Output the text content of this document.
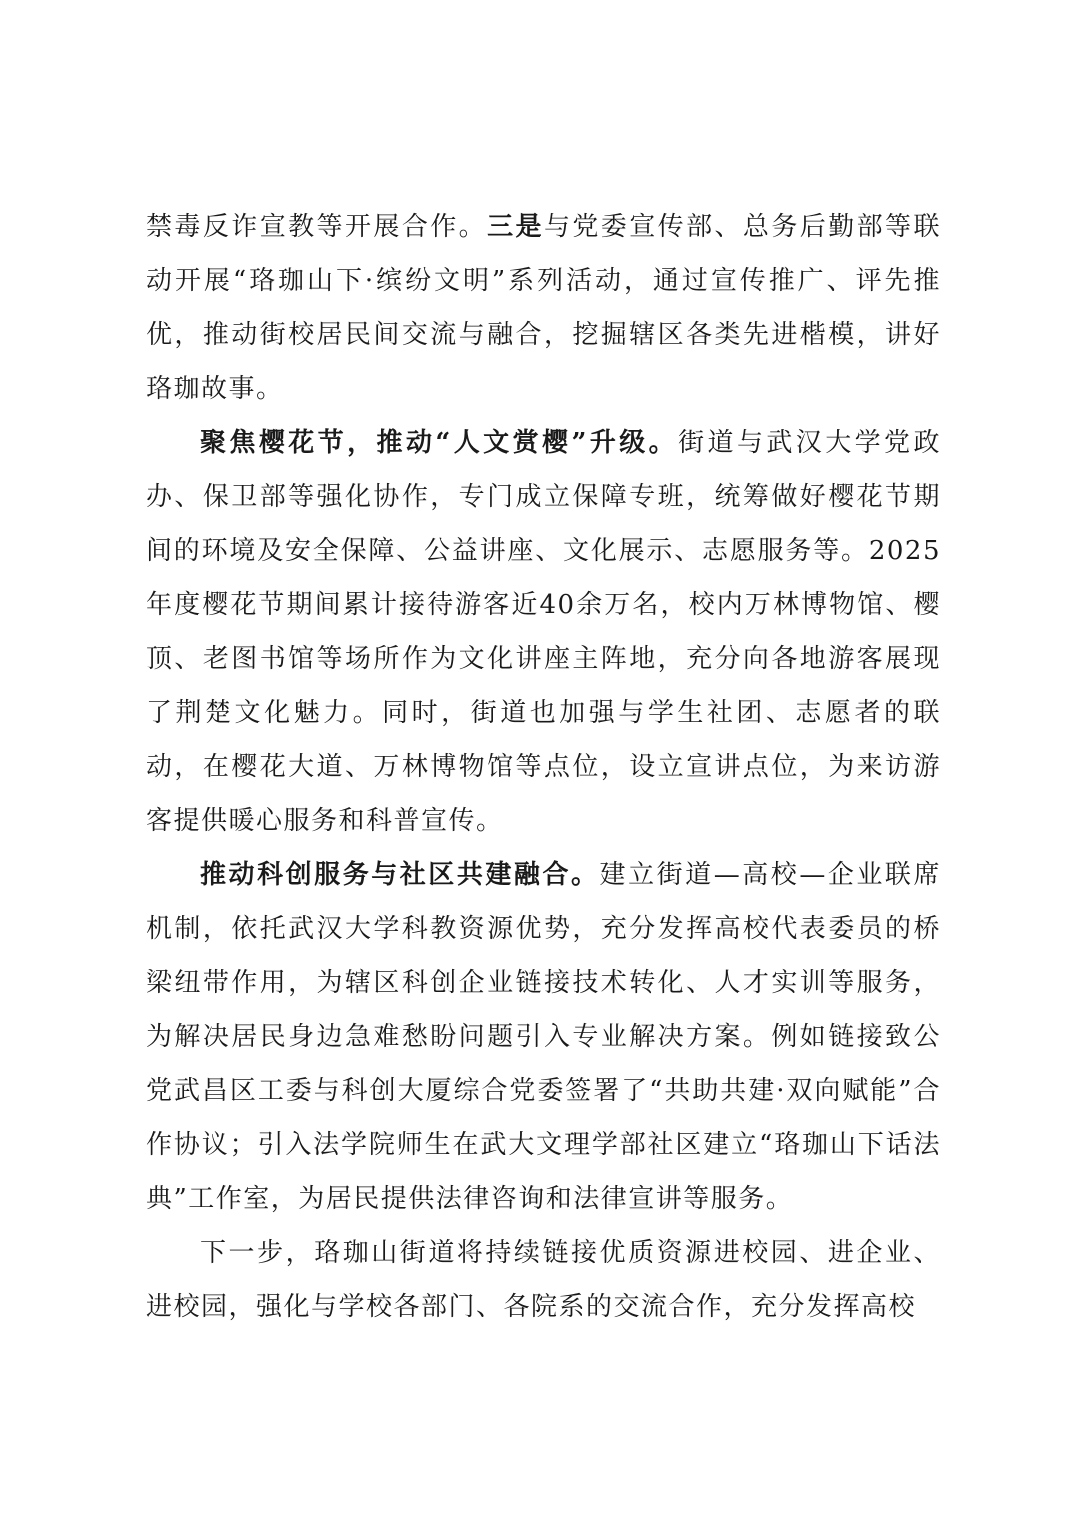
禁毒反诈宣教等开展合作。三是与党委宣传部、总务后勤部等联动开展“珞珈山下·缤纷文明”系列活动，通过宣传推广、评先推优，推动街校居民间交流与融合，挖掘辖区各类先进楷模，讲好珞珈故事。

聚焦樱花节，推动“人文赏樱”升级。街道与武汉大学党政办、保卫部等强化协作，专门成立保障专班，统筹做好樱花节期间的环境及安全保障、公益讲座、文化展示、志愿服务等。2025年度樱花节期间累计接待游客近40余万名，校内万林博物馆、樱顶、老图书馆等场所作为文化讲座主阵地，充分向各地游客展现了荆楚文化魅力。同时，街道也加强与学生社团、志愿者的联动，在樱花大道、万林博物馆等点位，设立宣讲点位，为来访游客提供暖心服务和科普宣传。

推动科创服务与社区共建融合。建立街道—高校—企业联席机制，依托武汉大学科教资源优势，充分发挥高校代表委员的桥梁纽带作用，为辖区科创企业链接技术转化、人才实训等服务，为解决居民身边急难愁盼问题引入专业解决方案。例如链接致公党武昌区工委与科创大厦综合党委签署了“共助共建·双向赋能”合作协议；引入法学院师生在武大文理学部社区建立“珞珈山下话法典”工作室，为居民提供法律咨询和法律宣讲等服务。

下一步，珞珈山街道将持续链接优质资源进校园、进企业、进校园，强化与学校各部门、各院系的交流合作，充分发挥高校
